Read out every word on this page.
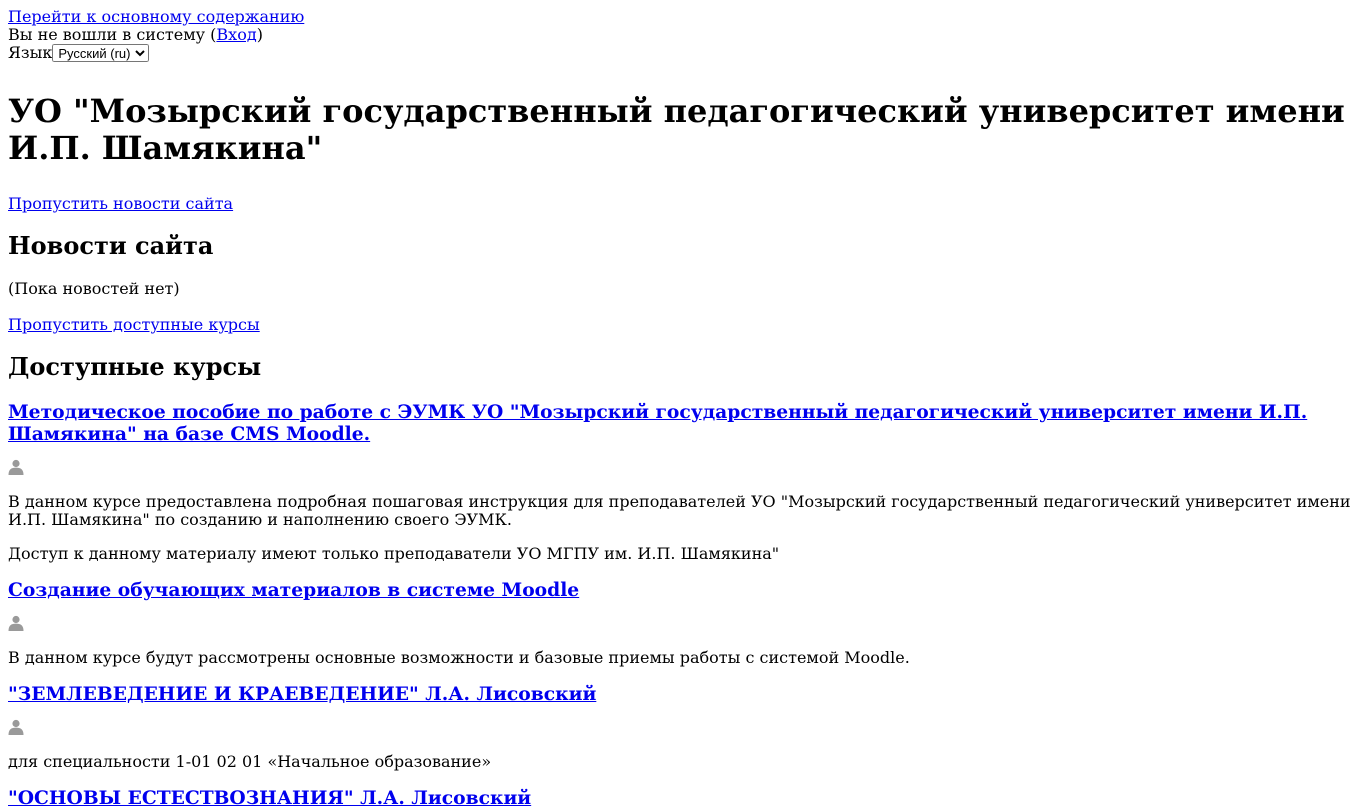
Перейти к основному содержанию
Вы не вошли в систему (Вход)
Язык
Русский (ru)
УО "Мозырский государственный педагогический университет имени И.П. Шамякина"
Пропустить новости сайта
Новости сайта

(Пока новостей нет)

Пропустить доступные курсы
Доступные курсы
Методическое пособие по работе с ЭУМК УО "Мозырский государственный педагогический университет имени И.П. Шамякина" на базе CMS Moodle.

В данном курсе предоставлена подробная пошаговая инструкция для преподавателей УО "Мозырский государственный педагогический университет имени И.П. Шамякина" по созданию и наполнению своего ЭУМК.

Доступ к данному материалу имеют только преподаватели УО МГПУ им. И.П. Шамякина"

Создание обучающих материалов в системе Moodle

В данном курсе будут рассмотрены основные возможности и базовые приемы работы с системой Moodle.

"ЗЕМЛЕВЕДЕНИЕ И КРАЕВЕДЕНИЕ" Л.А. Лисовский

для специальности 1-01 02 01 «Начальное образование»

"ОСНОВЫ ЕСТЕСТВОЗНАНИЯ" Л.А. Лисовский
